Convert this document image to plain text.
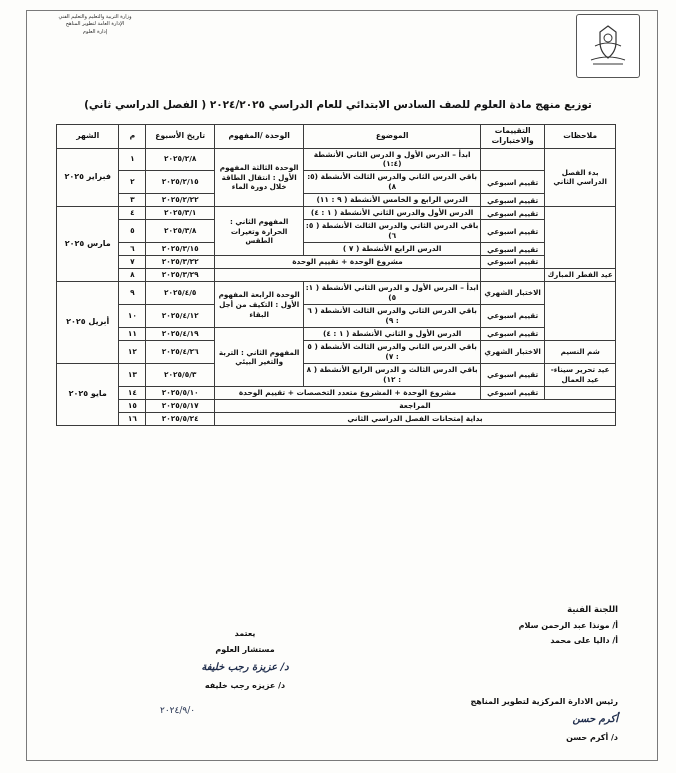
وزارة التربية والتعليم والتعليم الفني
الإدارة العامة لتطوير المناهج
إدارة العلوم
توزيع منهج مادة العلوم للصف السادس الابتدائي للعام الدراسي ٢٠٢٤/٢٠٢٥ ( الفصل الدراسي ثاني)
ملاحظات	التقييمات والاختبارات	الموضوع	الوحدة /المفهوم	تاريخ الأسبوع	م	الشهر
بدء الفصل الدراسي الثاني		ابدأ – الدرس الأول و الدرس الثاني الأنشطة (١:٤)	الوحدة الثالثة المفهوم الأول : انتقال الطاقة خلال دورة الماء	٢٠٢٥/٢/٨	١	فبراير ٢٠٢٥
	تقييم اسبوعي	باقي الدرس الثاني والدرس الثالث الأنشطة (٥: ٨)		٢٠٢٥/٢/١٥	٢	
	تقييم اسبوعي	الدرس الرابع و الخامس الأنشطة ( ٩ : ١١)		٢٠٢٥/٢/٢٢	٣	
	تقييم اسبوعي	الدرس الأول والدرس الثاني الأنشطة ( ١ : ٤)	المفهوم الثاني : الحرارة وتغيرات الطقس	٢٠٢٥/٣/١	٤	مارس ٢٠٢٥
	تقييم اسبوعي	باقي الدرس الثاني والدرس الثالث الأنشطة ( ٥: ٦)		٢٠٢٥/٣/٨	٥	
	تقييم اسبوعي	الدرس الرابع الأنشطة ( ٧ )		٢٠٢٥/٣/١٥	٦	
	تقييم اسبوعي	مشروع الوحدة + تقييم الوحدة		٢٠٢٥/٣/٢٢	٧	
عيد الفطر المبارك				٢٠٢٥/٣/٢٩	٨	
	الاختبار الشهري	ابدأ – الدرس الأول و الدرس الثاني الأنشطة ( ١: ٥)	الوحدة الرابعة المفهوم الأول : التكيف من أجل البقاء	٢٠٢٥/٤/٥	٩	أبريل ٢٠٢٥
	تقييم اسبوعي	باقي الدرس الثاني والدرس الثالث الأنشطة ( ٦ : ٩)		٢٠٢٥/٤/١٢	١٠	
	تقييم اسبوعي	الدرس الأول و الثاني الأنشطة ( ١ : ٤)	المفهوم الثاني : التربة والتغير البيئي	٢٠٢٥/٤/١٩	١١	
شم النسيم	الاختبار الشهري	باقي الدرس الثاني والدرس الثالث الأنشطة ( ٥ : ٧)		٢٠٢٥/٤/٢٦	١٢	
عيد تحرير سيناء- عيد العمال	تقييم اسبوعي	باقي الدرس الثالث و الدرس الرابع الأنشطة ( ٨ : ١٢)		٢٠٢٥/٥/٣	١٣	مايو ٢٠٢٥
	تقييم اسبوعي	مشروع الوحدة + المشروع متعدد التخصصات + تقييم الوحدة		٢٠٢٥/٥/١٠	١٤	
المراجعة				٢٠٢٥/٥/١٧	١٥	
بداية إمتحانات الفصل الدراسي الثاني				٢٠٢٥/٥/٢٤	١٦	
اللجنة الفنية
أ/ مونذا عبد الرحمن سلام
أ/ داليا على محمد
يعتمد
مستشار العلوم
د/ عزيزة رجب خليفة
د/ عزيزه رجب خليفه
٢٠٢٤/٩/٠
رئيس الادارة المركزية لتطوير المناهج
أكرم حسن
د/ أكرم حسن
